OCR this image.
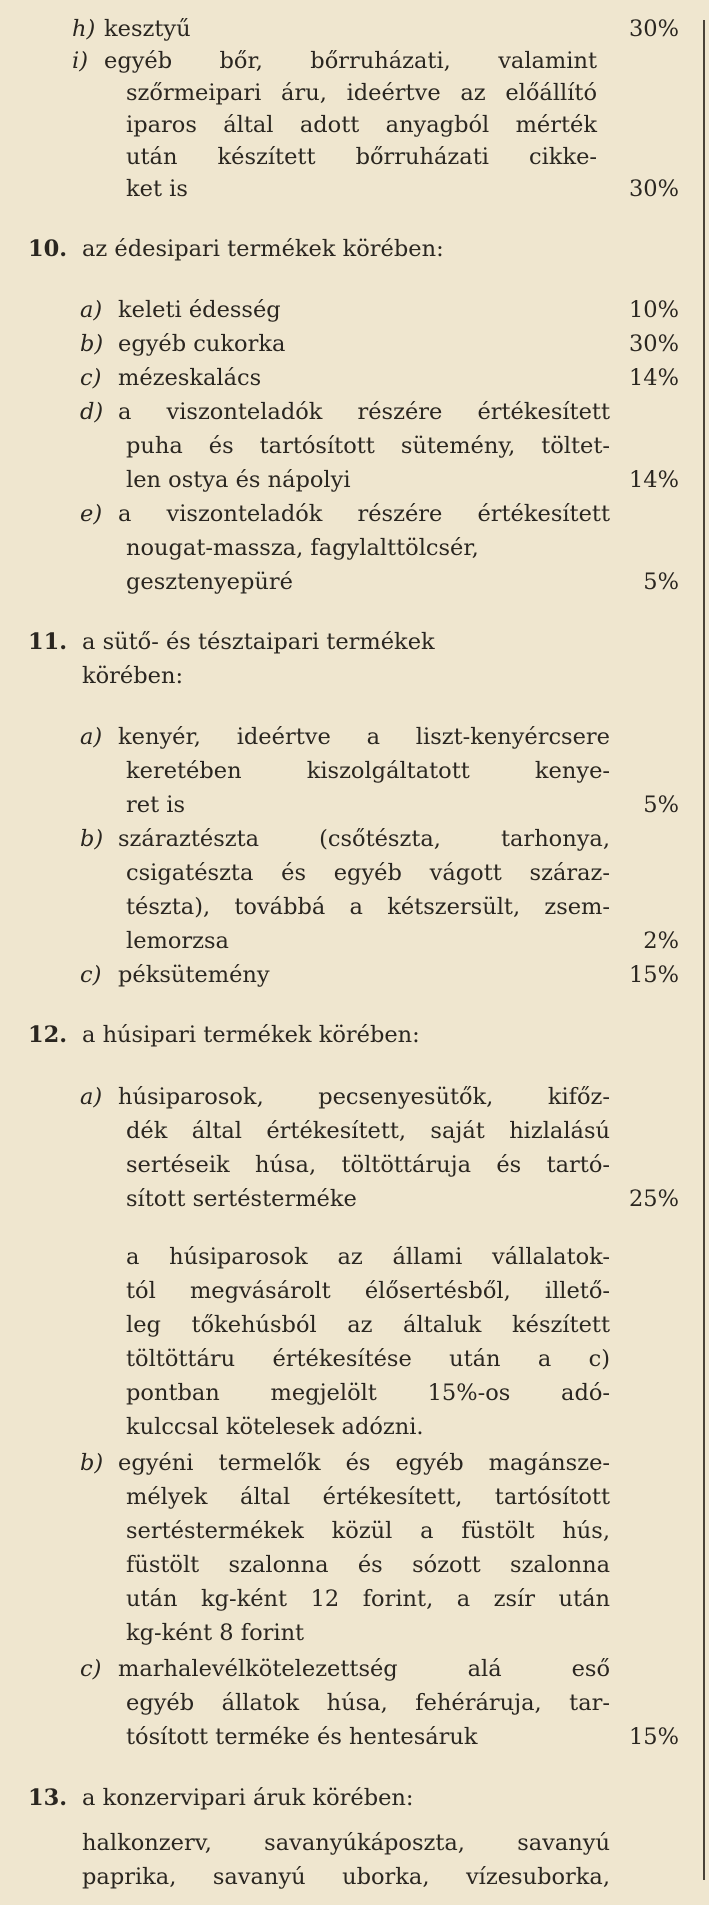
h) kesztyű	30%
i) egyéb bőr, bőrruházati, valamint
szőrmeipari áru, ideértve az előállító
iparos által adott anyagból mérték
után készített bőrruházati cikke-
ket is	30%
10. az édesipari termékek körében:
a) keleti édesség	10%
b) egyéb cukorka	30%
c) mézeskalács	14%
d) a viszonteladók részére értékesített
puha és tartósított sütemény, töltet-
len ostya és nápolyi	14%
e) a viszonteladók részére értékesített
nougat-massza, fagylalttölcsér,
gesztenyepüré	5%
11. a sütő- és tésztaipari termékek
körében:
a) kenyér, ideértve a liszt-kenyércsere
keretében kiszolgáltatott kenye-
ret is	5%
b) száraztészta (csőtészta, tarhonya,
csigatészta és egyéb vágott száraz-
tészta), továbbá a kétszersült, zsem-
lemorzsa	2%
c) péksütemény	15%
12. a húsipari termékek körében:
a) húsiparosok, pecsenyesütők, kifőz-
dék által értékesített, saját hizlalású
sertéseik húsa, töltöttáruja és tartó-
sított sertésterméke	25%
a húsiparosok az állami vállalatok-
tól megvásárolt élősertésből, illető-
leg tőkehúsból az általuk készített
töltöttáru értékesítése után a c)
pontban megjelölt 15%-os adó-
kulccsal kötelesek adózni.
b) egyéni termelők és egyéb magánsze-
mélyek által értékesített, tartósított
sertéstermékek közül a füstölt hús,
füstölt szalonna és sózott szalonna
után kg-ként 12 forint, a zsír után
kg-ként 8 forint
c) marhalevélkötelezettség alá eső
egyéb állatok húsa, fehéráruja, tar-
tósított terméke és hentesáruk	15%
13. a konzervipari áruk körében:
halkonzerv, savanyúkáposzta, savanyú
paprika, savanyú uborka, vízesuborka,
